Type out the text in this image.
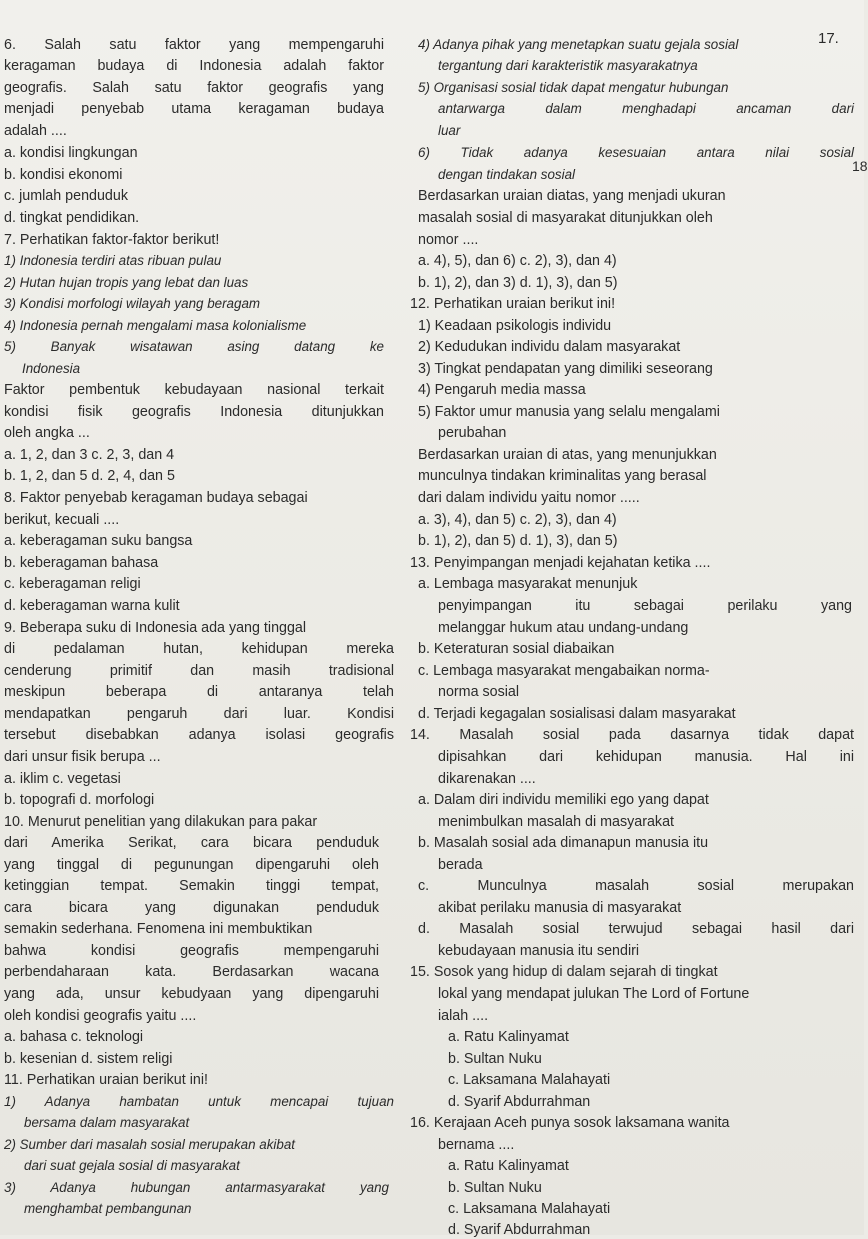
17.
18
6. Salah satu faktor yang mempengaruhi
keragaman budaya di Indonesia adalah faktor
geografis. Salah satu faktor geografis yang
menjadi penyebab utama keragaman budaya
adalah ....
a. kondisi lingkungan
b. kondisi ekonomi
c. jumlah penduduk
d. tingkat pendidikan.
7. Perhatikan faktor-faktor berikut!
1) Indonesia terdiri atas ribuan pulau
2) Hutan hujan tropis yang lebat dan luas
3) Kondisi morfologi wilayah yang beragam
4) Indonesia pernah mengalami masa kolonialisme
5) Banyak wisatawan asing datang ke
Indonesia
Faktor pembentuk kebudayaan nasional terkait
kondisi fisik geografis Indonesia ditunjukkan
oleh angka ...
a. 1, 2, dan 3 c. 2, 3, dan 4
b. 1, 2, dan 5 d. 2, 4, dan 5
8. Faktor penyebab keragaman budaya sebagai
berikut, kecuali ....
a. keberagaman suku bangsa
b. keberagaman bahasa
c. keberagaman religi
d. keberagaman warna kulit
9. Beberapa suku di Indonesia ada yang tinggal
di pedalaman hutan, kehidupan mereka
cenderung primitif dan masih tradisional
meskipun beberapa di antaranya telah
mendapatkan pengaruh dari luar. Kondisi
tersebut disebabkan adanya isolasi geografis
dari unsur fisik berupa ...
a. iklim c. vegetasi
b. topografi d. morfologi
10. Menurut penelitian yang dilakukan para pakar
dari Amerika Serikat, cara bicara penduduk
yang tinggal di pegunungan dipengaruhi oleh
ketinggian tempat. Semakin tinggi tempat,
cara bicara yang digunakan penduduk
semakin sederhana. Fenomena ini membuktikan
bahwa kondisi geografis mempengaruhi
perbendaharaan kata. Berdasarkan wacana
yang ada, unsur kebudyaan yang dipengaruhi
oleh kondisi geografis yaitu ....
a. bahasa c. teknologi
b. kesenian d. sistem religi
11. Perhatikan uraian berikut ini!
1) Adanya hambatan untuk mencapai tujuan
bersama dalam masyarakat
2) Sumber dari masalah sosial merupakan akibat
dari suat gejala sosial di masyarakat
3) Adanya hubungan antarmasyarakat yang
menghambat pembangunan
4) Adanya pihak yang menetapkan suatu gejala sosial
tergantung dari karakteristik masyarakatnya
5) Organisasi sosial tidak dapat mengatur hubungan
antarwarga dalam menghadapi ancaman dari
luar
6) Tidak adanya kesesuaian antara nilai sosial
dengan tindakan sosial
Berdasarkan uraian diatas, yang menjadi ukuran
masalah sosial di masyarakat ditunjukkan oleh
nomor ....
a. 4), 5), dan 6) c. 2), 3), dan 4)
b. 1), 2), dan 3) d. 1), 3), dan 5)
12. Perhatikan uraian berikut ini!
1) Keadaan psikologis individu
2) Kedudukan individu dalam masyarakat
3) Tingkat pendapatan yang dimiliki seseorang
4) Pengaruh media massa
5) Faktor umur manusia yang selalu mengalami
perubahan
Berdasarkan uraian di atas, yang menunjukkan
munculnya tindakan kriminalitas yang berasal
dari dalam individu yaitu nomor .....
a. 3), 4), dan 5) c. 2), 3), dan 4)
b. 1), 2), dan 5) d. 1), 3), dan 5)
13. Penyimpangan menjadi kejahatan ketika ....
a. Lembaga masyarakat menunjuk
penyimpangan itu sebagai perilaku yang
melanggar hukum atau undang-undang
b. Keteraturan sosial diabaikan
c. Lembaga masyarakat mengabaikan norma-
norma sosial
d. Terjadi kegagalan sosialisasi dalam masyarakat
14. Masalah sosial pada dasarnya tidak dapat
dipisahkan dari kehidupan manusia. Hal ini
dikarenakan ....
a. Dalam diri individu memiliki ego yang dapat
menimbulkan masalah di masyarakat
b. Masalah sosial ada dimanapun manusia itu
berada
c. Munculnya masalah sosial merupakan
akibat perilaku manusia di masyarakat
d. Masalah sosial terwujud sebagai hasil dari
kebudayaan manusia itu sendiri
15. Sosok yang hidup di dalam sejarah di tingkat
lokal yang mendapat julukan The Lord of Fortune
ialah ....
a. Ratu Kalinyamat
b. Sultan Nuku
c. Laksamana Malahayati
d. Syarif Abdurrahman
16. Kerajaan Aceh punya sosok laksamana wanita
bernama ....
a. Ratu Kalinyamat
b. Sultan Nuku
c. Laksamana Malahayati
d. Syarif Abdurrahman
